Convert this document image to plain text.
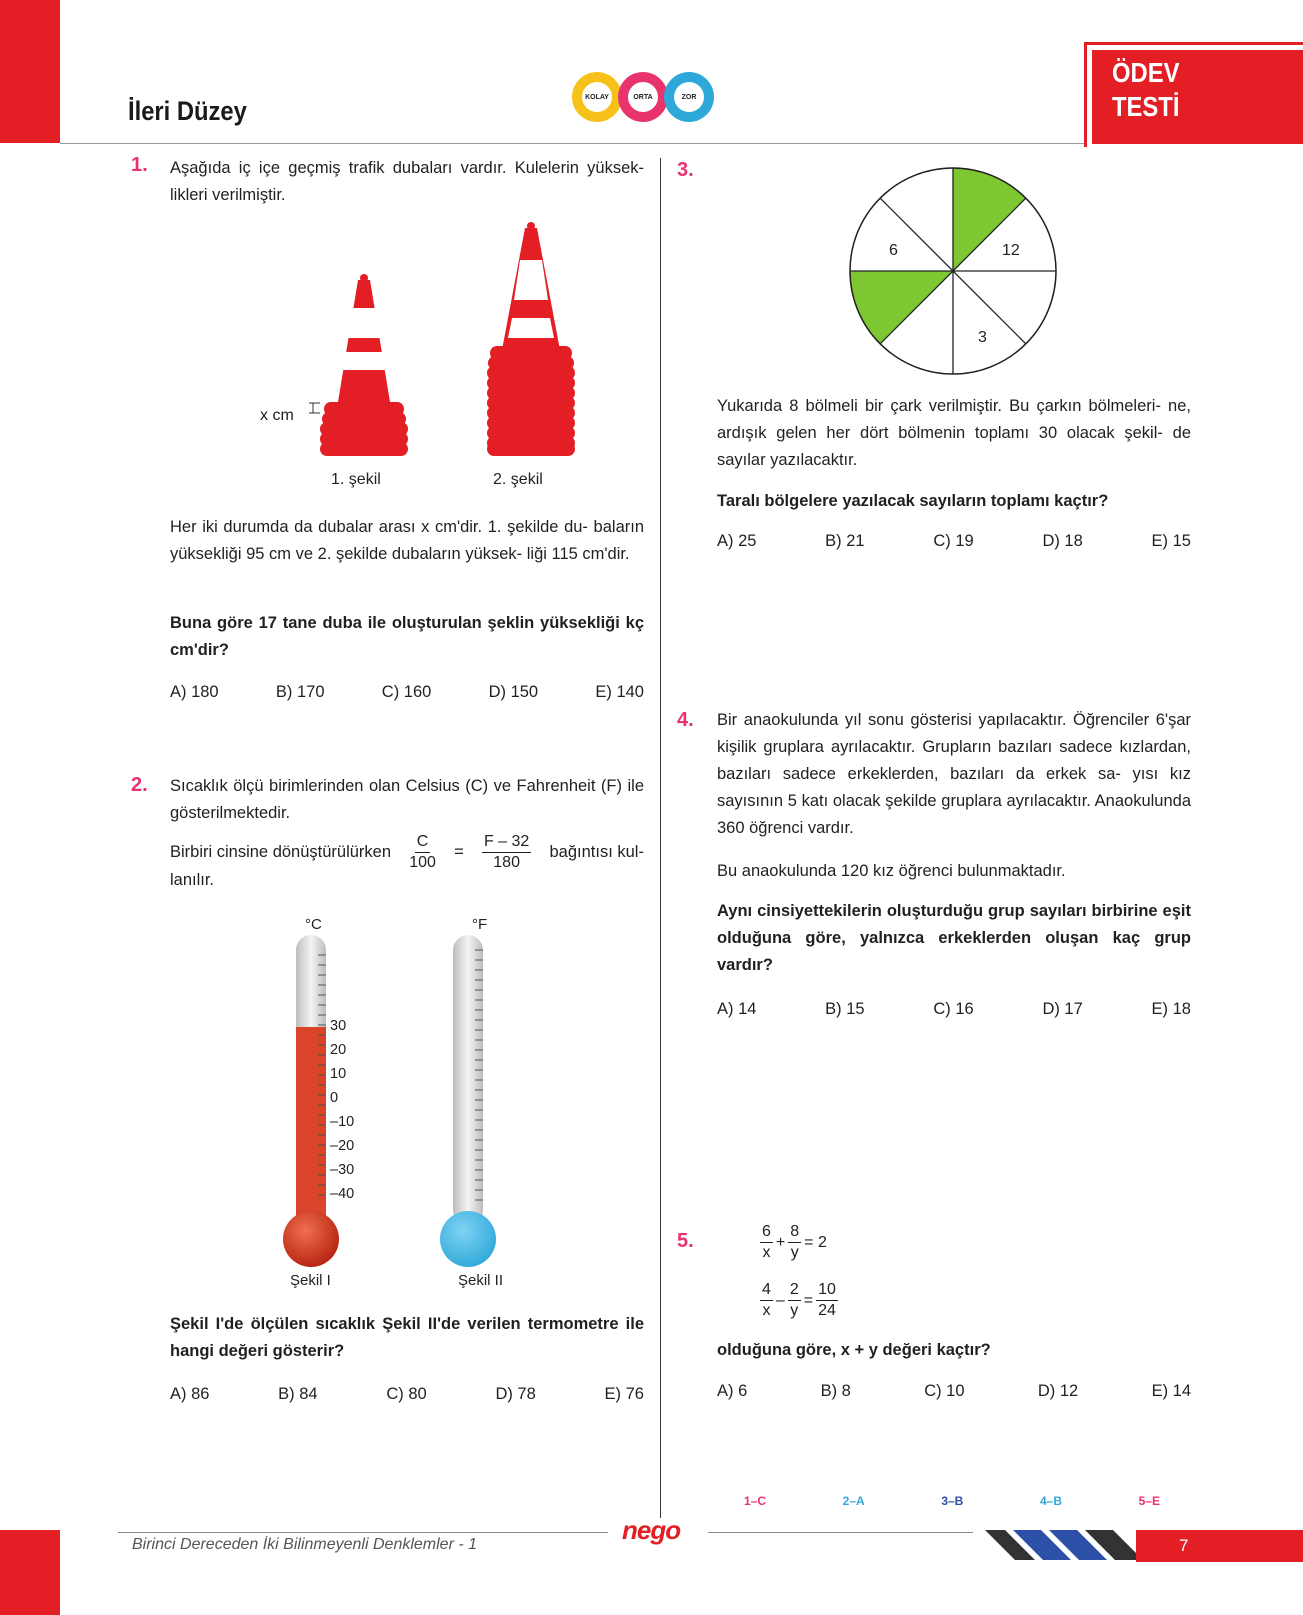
İleri Düzey	KOLAY	ORTA	ZOR
ÖDEV
TESTİ
1. Aşağıda iç içe geçmiş trafik dubaları vardır. Kulelerin yüksek- likleri verilmiştir.
x cm
1. şekil	2. şekil
Her iki durumda da dubalar arası x cm'dir. 1. şekilde du- baların yüksekliği 95 cm ve 2. şekilde dubaların yüksek- liği 115 cm'dir.
Buna göre 17 tane duba ile oluşturulan şeklin yüksekliği kç cm'dir?
A) 180	B) 170	C) 160	D) 150	E) 140
2. Sıcaklık ölçü birimlerinden olan Celsius (C) ve Fahrenheit (F) ile gösterilmektedir.
Birbiri cinsine dönüştürülürken $\frac{C}{100} = \frac{F - 32}{180}$ bağıntısı kul-
lanılır.
°C	°F
30
20
10
0
–10
–20
–30
–40
Şekil I	Şekil II
Şekil I'de ölçülen sıcaklık Şekil II'de verilen termometre ile hangi değeri gösterir?
A) 86	B) 84	C) 80	D) 78	E) 76
3.
6	12
3
Yukarıda 8 bölmeli bir çark verilmiştir. Bu çarkın bölmeleri- ne, ardışık gelen her dört bölmenin toplamı 30 olacak şekil- de sayılar yazılacaktır.
Taralı bölgelere yazılacak sayıların toplamı kaçtır?
A) 25	B) 21	C) 19	D) 18	E) 15
4. Bir anaokulunda yıl sonu gösterisi yapılacaktır. Öğrenciler 6'şar kişilik gruplara ayrılacaktır. Grupların bazıları sadece kızlardan, bazıları sadece erkeklerden, bazıları da erkek sa- yısı kız sayısının 5 katı olacak şekilde gruplara ayrılacaktır. Anaokulunda 360 öğrenci vardır.
Bu anaokulunda 120 kız öğrenci bulunmaktadır.
Aynı cinsiyettekilerin oluşturduğu grup sayıları birbirine eşit olduğuna göre, yalnızca erkeklerden oluşan kaç grup vardır?
A) 14	B) 15	C) 16	D) 17	E) 18
5.	$\frac{6}{x} + \frac{8}{y} = 2$
$\frac{4}{x} - \frac{2}{y} = \frac{10}{24}$
olduğuna göre, x + y değeri kaçtır?
A) 6	B) 8	C) 10	D) 12	E) 14
1–C	2–A	3–B	4–B	5–E
Birinci Dereceden İki Bilinmeyenli Denklemler - 1	nego
7
